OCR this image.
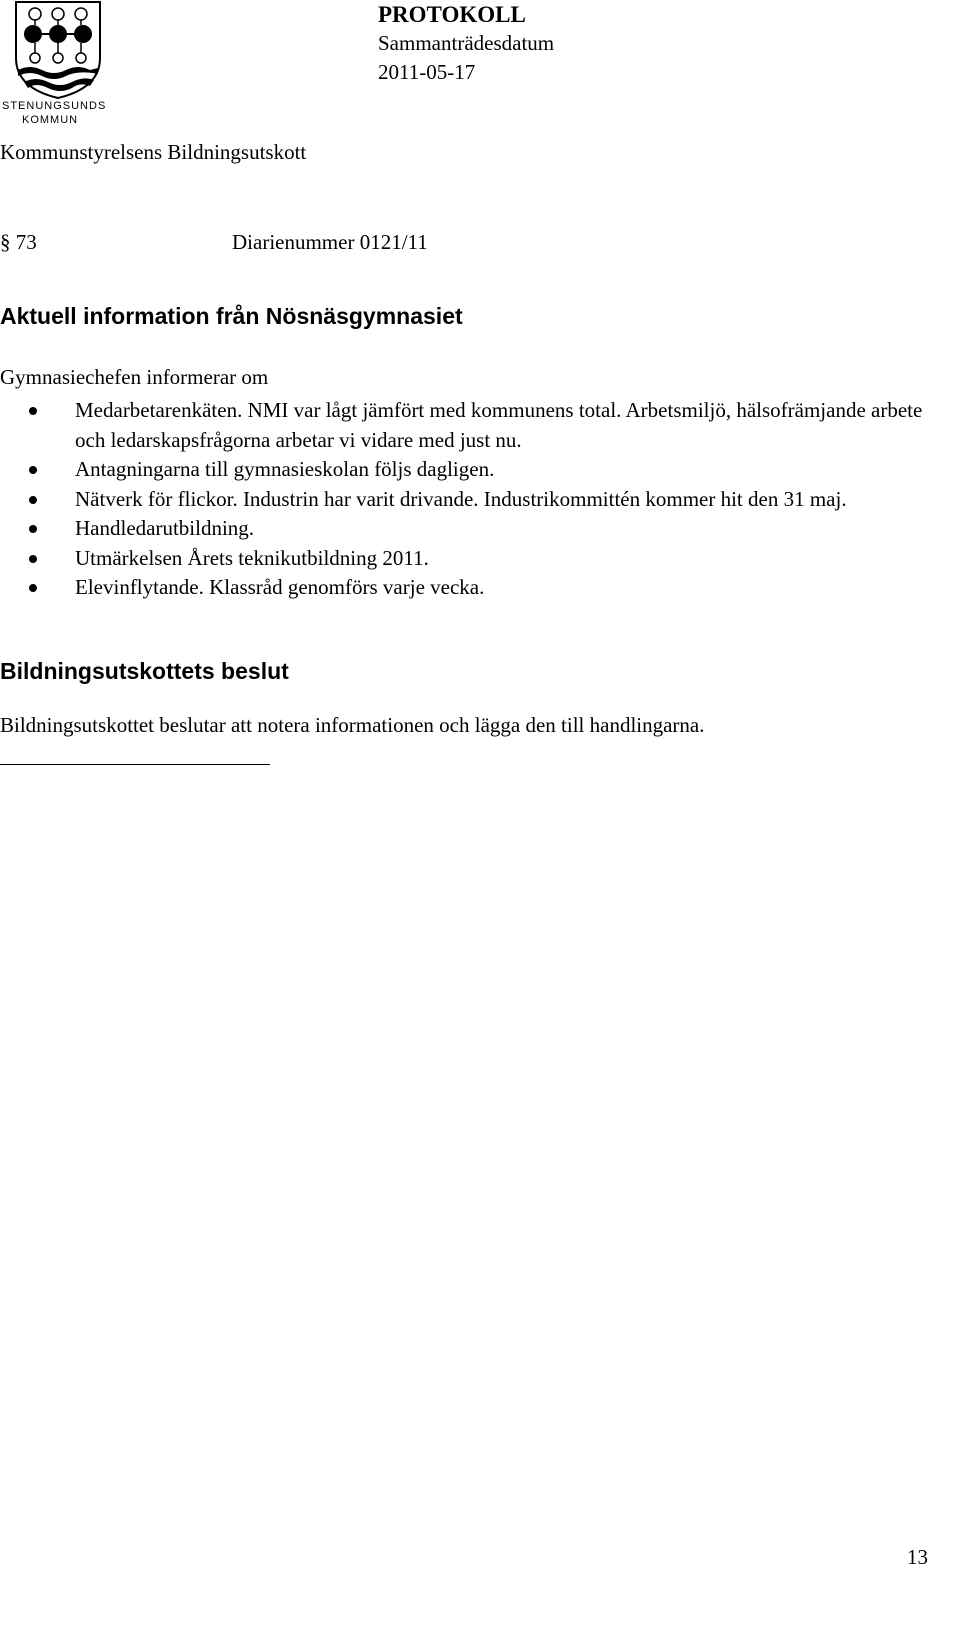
STENUNGSUNDS
KOMMUN
PROTOKOLL
Sammanträdesdatum
2011-05-17
Kommunstyrelsens Bildningsutskott
§ 73	Diarienummer 0121/11
Aktuell information från Nösnäsgymnasiet
Gymnasiechefen informerar om
Medarbetarenkäten. NMI var lågt jämfört med kommunens total. Arbetsmiljö, hälsofrämjande arbete och ledarskapsfrågorna arbetar vi vidare med just nu.
Antagningarna till gymnasieskolan följs dagligen.
Nätverk för flickor. Industrin har varit drivande. Industrikommittén kommer hit den 31 maj.
Handledarutbildning.
Utmärkelsen Årets teknikutbildning 2011.
Elevinflytande. Klassråd genomförs varje vecka.
Bildningsutskottets beslut
Bildningsutskottet beslutar att notera informationen och lägga den till handlingarna.
13
